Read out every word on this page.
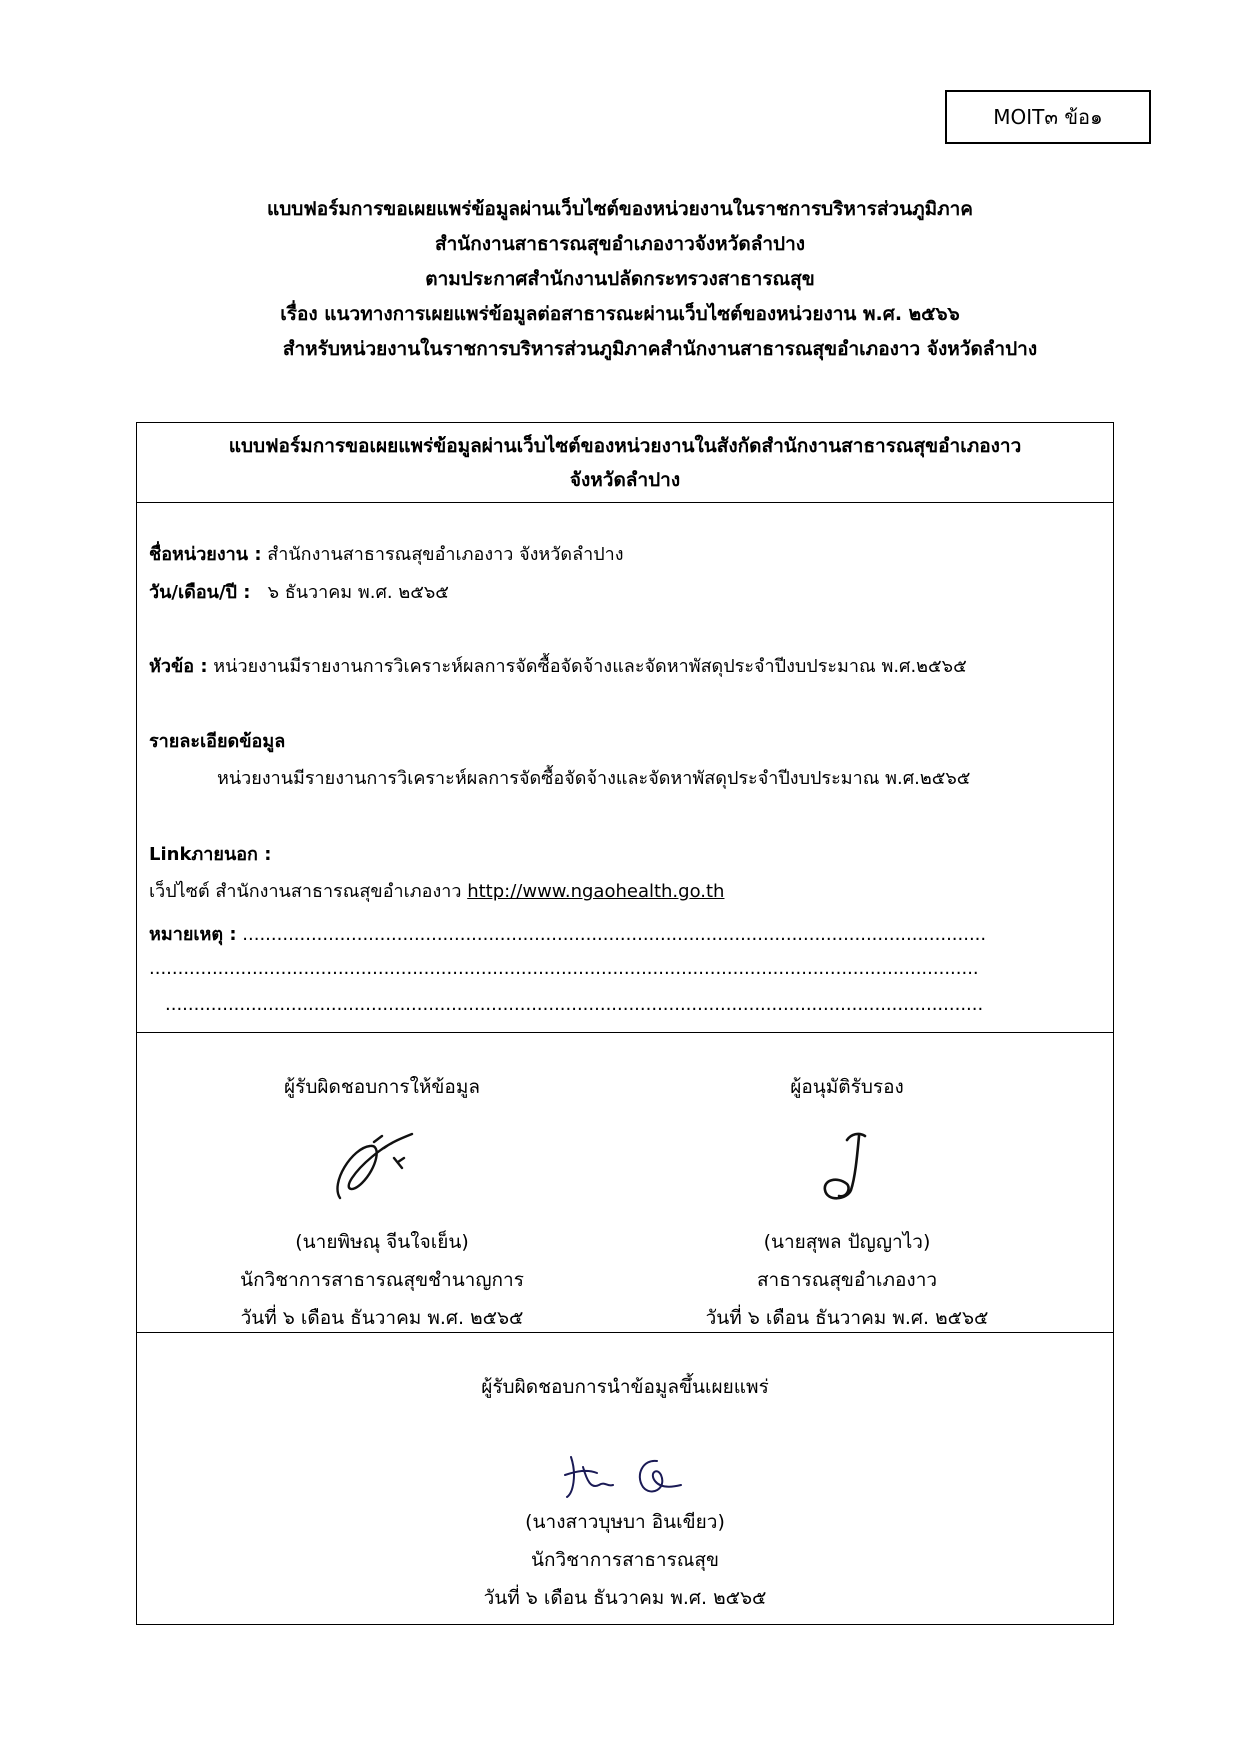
MOIT๓ ข้อ๑
แบบฟอร์มการขอเผยแพร่ข้อมูลผ่านเว็บไซต์ของหน่วยงานในราชการบริหารส่วนภูมิภาค
สำนักงานสาธารณสุขอำเภองาวจังหวัดลำปาง
ตามประกาศสำนักงานปลัดกระทรวงสาธารณสุข
เรื่อง แนวทางการเผยแพร่ข้อมูลต่อสาธารณะผ่านเว็บไซต์ของหน่วยงาน พ.ศ. ๒๕๖๖
สำหรับหน่วยงานในราชการบริหารส่วนภูมิภาคสำนักงานสาธารณสุขอำเภองาว จังหวัดลำปาง
แบบฟอร์มการขอเผยแพร่ข้อมูลผ่านเว็บไซต์ของหน่วยงานในสังกัดสำนักงานสาธารณสุขอำเภองาว
จังหวัดลำปาง
ชื่อหน่วยงาน : สำนักงานสาธารณสุขอำเภองาว จังหวัดลำปาง
วัน/เดือน/ปี : ๖ ธันวาคม พ.ศ. ๒๕๖๕
หัวข้อ : หน่วยงานมีรายงานการวิเคราะห์ผลการจัดซื้อจัดจ้างและจัดหาพัสดุประจำปีงบประมาณ พ.ศ.๒๕๖๕
รายละเอียดข้อมูล
หน่วยงานมีรายงานการวิเคราะห์ผลการจัดซื้อจัดจ้างและจัดหาพัสดุประจำปีงบประมาณ พ.ศ.๒๕๖๕
Linkภายนอก :
เว็ปไซต์ สำนักงานสาธารณสุขอำเภองาว http://www.ngaohealth.go.th
หมายเหตุ : ..................................................................................................................................
.................................................................................................................................................
...............................................................................................................................................
ผู้รับผิดชอบการให้ข้อมูล
(นายพิษณุ จีนใจเย็น)
นักวิชาการสาธารณสุขชำนาญการ
วันที่ ๖ เดือน ธันวาคม พ.ศ. ๒๕๖๕
ผู้อนุมัติรับรอง
(นายสุพล ปัญญาไว)
สาธารณสุขอำเภองาว
วันที่ ๖ เดือน ธันวาคม พ.ศ. ๒๕๖๕
ผู้รับผิดชอบการนำข้อมูลขึ้นเผยแพร่
(นางสาวบุษบา อินเขียว)
นักวิชาการสาธารณสุข
วันที่ ๖ เดือน ธันวาคม พ.ศ. ๒๕๖๕
